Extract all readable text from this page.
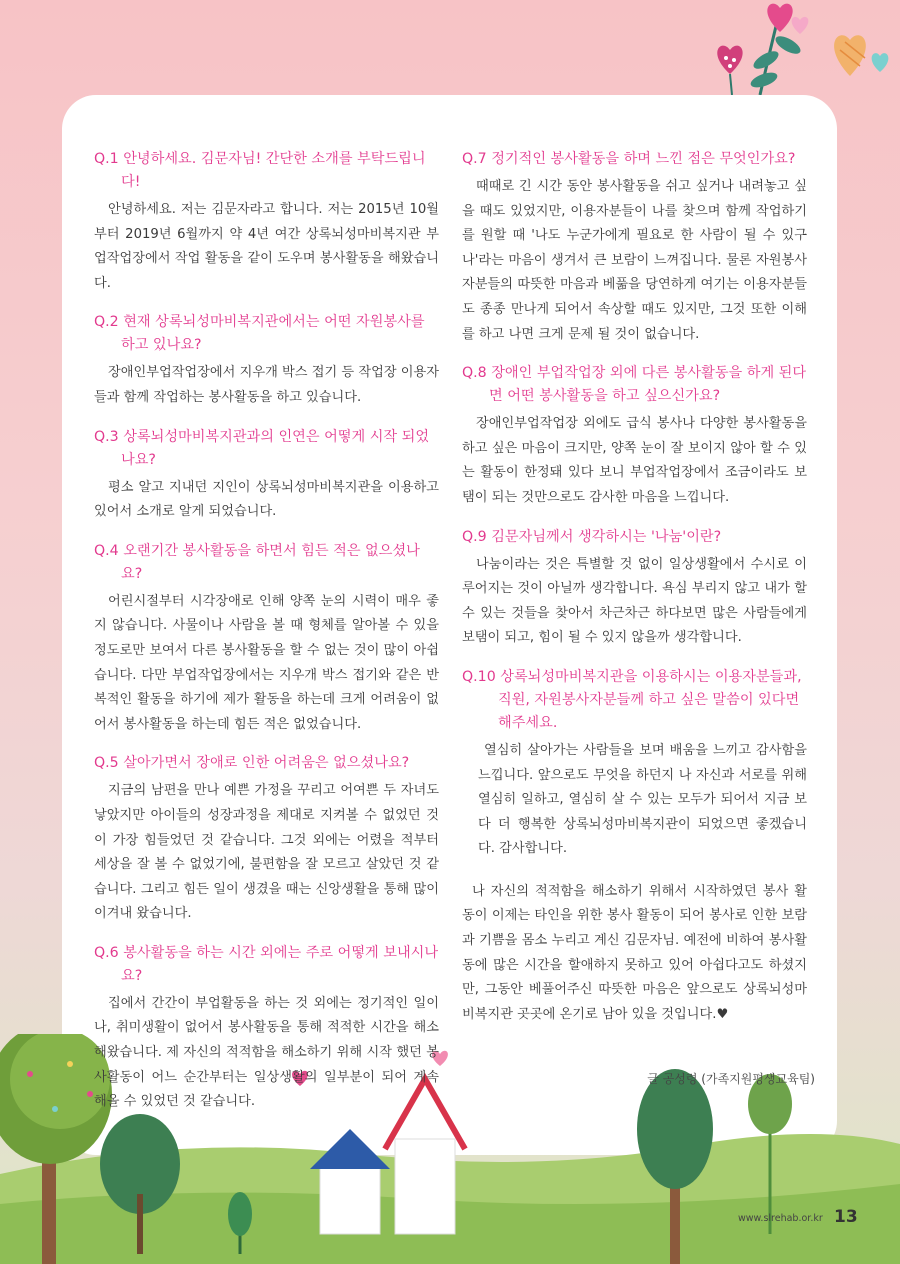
Q.1 안녕하세요. 김문자님! 간단한 소개를 부탁드립니다!

안녕하세요. 저는 김문자라고 합니다. 저는 2015년 10월부터 2019년 6월까지 약 4년 여간 상록뇌성마비복지관 부업작업장에서 작업 활동을 같이 도우며 봉사활동을 해왔습니다.

Q.2 현재 상록뇌성마비복지관에서는 어떤 자원봉사를 하고 있나요?

장애인부업작업장에서 지우개 박스 접기 등 작업장 이용자들과 함께 작업하는 봉사활동을 하고 있습니다.

Q.3 상록뇌성마비복지관과의 인연은 어떻게 시작 되었나요?

평소 알고 지내던 지인이 상록뇌성마비복지관을 이용하고 있어서 소개로 알게 되었습니다.

Q.4 오랜기간 봉사활동을 하면서 힘든 적은 없으셨나요?

어린시절부터 시각장애로 인해 양쪽 눈의 시력이 매우 좋지 않습니다. 사물이나 사람을 볼 때 형체를 알아볼 수 있을 정도로만 보여서 다른 봉사활동을 할 수 없는 것이 많이 아쉽습니다. 다만 부업작업장에서는 지우개 박스 접기와 같은 반복적인 활동을 하기에 제가 활동을 하는데 크게 어려움이 없어서 봉사활동을 하는데 힘든 적은 없었습니다.

Q.5 살아가면서 장애로 인한 어려움은 없으셨나요?

지금의 남편을 만나 예쁜 가정을 꾸리고 어여쁜 두 자녀도 낳았지만 아이들의 성장과정을 제대로 지켜볼 수 없었던 것이 가장 힘들었던 것 같습니다. 그것 외에는 어렸을 적부터 세상을 잘 볼 수 없었기에, 불편함을 잘 모르고 살았던 것 같습니다. 그리고 힘든 일이 생겼을 때는 신앙생활을 통해 많이 이겨내 왔습니다.

Q.6 봉사활동을 하는 시간 외에는 주로 어떻게 보내시나요?

집에서 간간이 부업활동을 하는 것 외에는 정기적인 일이나, 취미생활이 없어서 봉사활동을 통해 적적한 시간을 해소해왔습니다. 제 자신의 적적함을 해소하기 위해 시작 했던 봉사활동이 어느 순간부터는 일상생활의 일부분이 되어 계속 해올 수 있었던 것 같습니다.

Q.7 정기적인 봉사활동을 하며 느낀 점은 무엇인가요?

때때로 긴 시간 동안 봉사활동을 쉬고 싶거나 내려놓고 싶을 때도 있었지만, 이용자분들이 나를 찾으며 함께 작업하기를 원할 때 '나도 누군가에게 필요로 한 사람이 될 수 있구나'라는 마음이 생겨서 큰 보람이 느껴집니다. 물론 자원봉사자분들의 따뜻한 마음과 베풂을 당연하게 여기는 이용자분들도 종종 만나게 되어서 속상할 때도 있지만, 그것 또한 이해를 하고 나면 크게 문제 될 것이 없습니다.

Q.8 장애인 부업작업장 외에 다른 봉사활동을 하게 된다면 어떤 봉사활동을 하고 싶으신가요?

장애인부업작업장 외에도 급식 봉사나 다양한 봉사활동을 하고 싶은 마음이 크지만, 양쪽 눈이 잘 보이지 않아 할 수 있는 활동이 한정돼 있다 보니 부업작업장에서 조금이라도 보탬이 되는 것만으로도 감사한 마음을 느낍니다.

Q.9 김문자님께서 생각하시는 '나눔'이란?

나눔이라는 것은 특별할 것 없이 일상생활에서 수시로 이루어지는 것이 아닐까 생각합니다. 욕심 부리지 않고 내가 할 수 있는 것들을 찾아서 차근차근 하다보면 많은 사람들에게 보탬이 되고, 힘이 될 수 있지 않을까 생각합니다.

Q.10 상록뇌성마비복지관을 이용하시는 이용자분들과, 직원, 자원봉사자분들께 하고 싶은 말씀이 있다면 해주세요.

열심히 살아가는 사람들을 보며 배움을 느끼고 감사함을 느낍니다. 앞으로도 무엇을 하던지 나 자신과 서로를 위해 열심히 일하고, 열심히 살 수 있는 모두가 되어서 지금 보다 더 행복한 상록뇌성마비복지관이 되었으면 좋겠습니다. 감사합니다.

나 자신의 적적함을 해소하기 위해서 시작하였던 봉사 활동이 이제는 타인을 위한 봉사 활동이 되어 봉사로 인한 보람과 기쁨을 몸소 누리고 계신 김문자님. 예전에 비하여 봉사활동에 많은 시간을 할애하지 못하고 있어 아쉽다고도 하셨지만, 그동안 베풀어주신 따뜻한 마음은 앞으로도 상록뇌성마비복지관 곳곳에 온기로 남아 있을 것입니다.♥

글 공성령 (가족지원평생교육팀)
www.slrehab.or.kr 13
